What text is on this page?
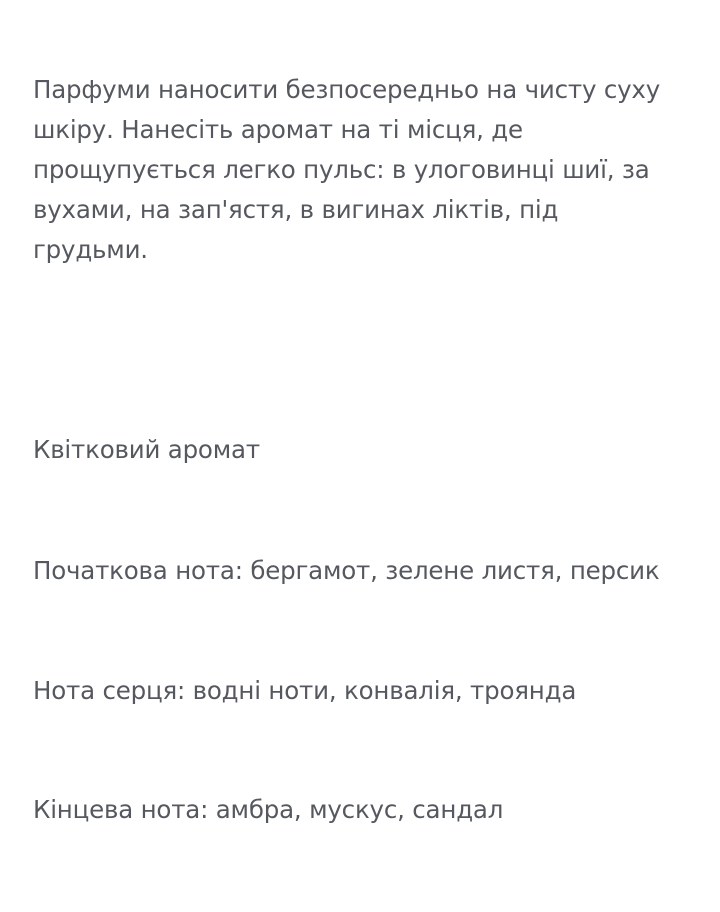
Парфуми наносити безпосередньо на чисту суху шкіру. Нанесіть аромат на ті місця, де прощупується легко пульс: в улоговинці шиї, за вухами, на зап'ястя, в вигинах ліктів, під грудьми.

Квітковий аромат

Початкова нота: бергамот, зелене листя, персик

Нота серця: водні ноти, конвалія, троянда

Кінцева нота: амбра, мускус, сандал
